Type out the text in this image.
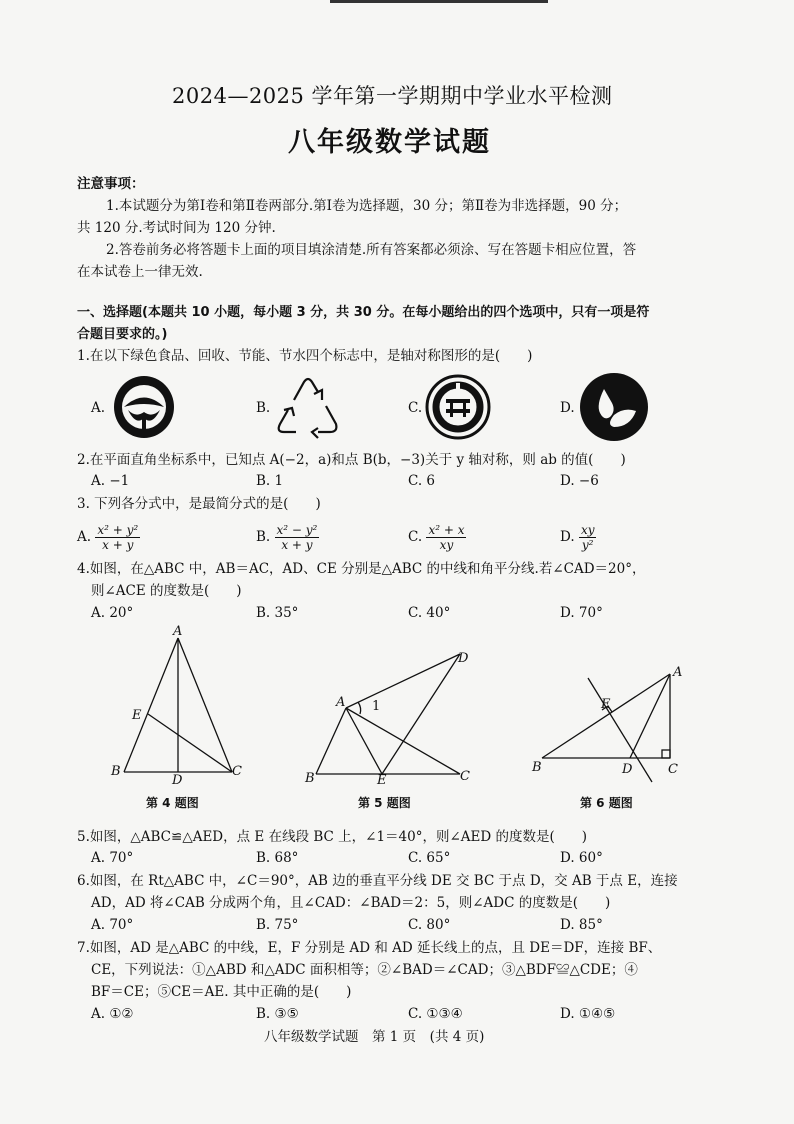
2024—2025 学年第一学期期中学业水平检测
八年级数学试题
注意事项：
1.本试题分为第Ⅰ卷和第Ⅱ卷两部分.第Ⅰ卷为选择题，30 分；第Ⅱ卷为非选择题，90 分；
共 120 分.考试时间为 120 分钟.
2.答卷前务必将答题卡上面的项目填涂清楚.所有答案都必须涂、写在答题卡相应位置，答
在本试卷上一律无效.
一、选择题(本题共 10 小题，每小题 3 分，共 30 分。在每小题给出的四个选项中，只有一项是符
合题目要求的。)
1.在以下绿色食品、回收、节能、节水四个标志中，是轴对称图形的是(　　)
A.	B.	C.	D.
2.在平面直角坐标系中，已知点 A(−2，a)和点 B(b，−3)关于 y 轴对称，则 ab 的值(　　)
A. −1	B. 1	C. 6	D. −6
3. 下列各分式中，是最简分式的是(　　)
A. $\frac{\text{x² + y²}}{x + y}$	B. $\frac{\text{x² − y²}}{x + y}$	C. $\frac{\text{x² + x}}{xy}$	D. $\frac{xy}{\text{y²}}$
4.如图，在△ABC 中，AB＝AC，AD、CE 分别是△ABC 的中线和角平分线.若∠CAD＝20°，
则∠ACE 的度数是(　　)
A. 20°	B. 35°	C. 40°	D. 70°
A
E
B
D
C
第 4 题图
A 1
D
B	E	C
第 5 题图
A
E
B	D	C
第 6 题图
5.如图，△ABC≌△AED，点 E 在线段 BC 上，∠1＝40°，则∠AED 的度数是(　　)
A. 70°	B. 68°	C. 65°	D. 60°
6.如图，在 Rt△ABC 中，∠C＝90°，AB 边的垂直平分线 DE 交 BC 于点 D，交 AB 于点 E，连接
AD，AD 将∠CAB 分成两个角，且∠CAD：∠BAD＝2：5，则∠ADC 的度数是(　　)
A. 70°	B. 75°	C. 80°	D. 85°
7.如图，AD 是△ABC 的中线，E，F 分别是 AD 和 AD 延长线上的点，且 DE＝DF，连接 BF、
CE，下列说法：①△ABD 和△ADC 面积相等；②∠BAD＝∠CAD；③△BDF≌△CDE；④
BF＝CE；⑤CE＝AE. 其中正确的是(　　)
A. ①②	B. ③⑤	C. ①③④	D. ①④⑤
八年级数学试题　第 1 页　(共 4 页)
